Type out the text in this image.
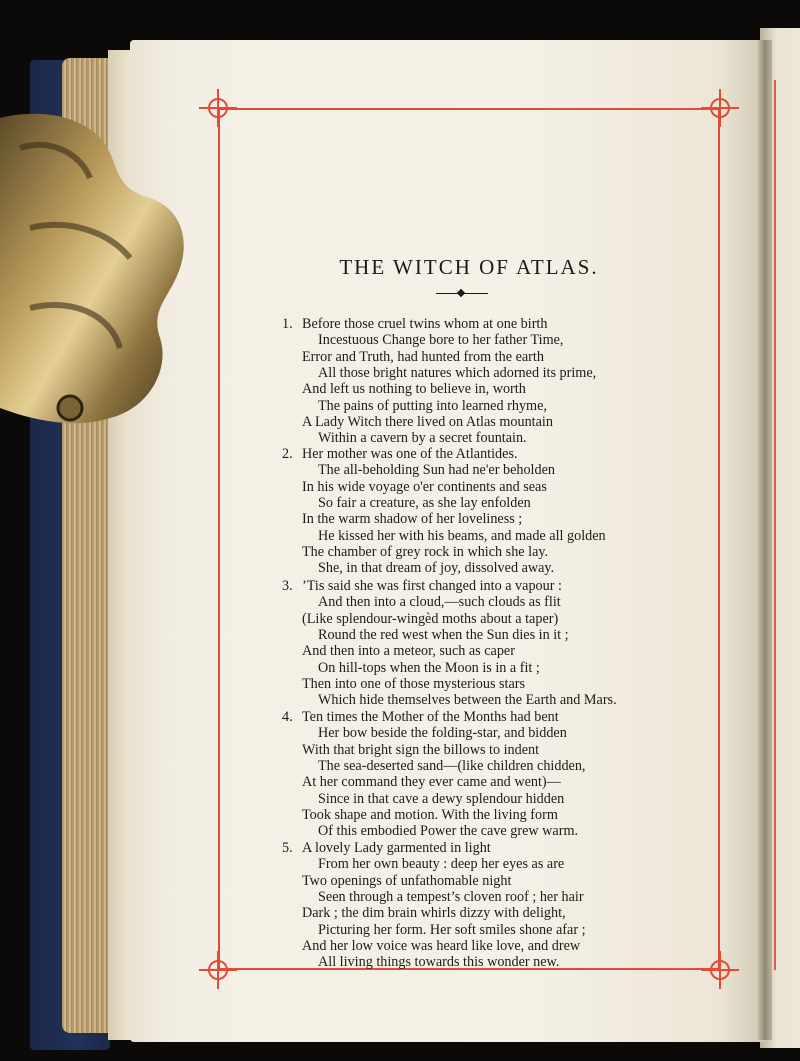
THE WITCH OF ATLAS.
1. Before those cruel twins whom at one birth
Incestuous Change bore to her father Time,
Error and Truth, had hunted from the earth
All those bright natures which adorned its prime,
And left us nothing to believe in, worth
The pains of putting into learned rhyme,
A Lady Witch there lived on Atlas mountain
Within a cavern by a secret fountain.
2. Her mother was one of the Atlantides.
The all-beholding Sun had ne'er beholden
In his wide voyage o'er continents and seas
So fair a creature, as she lay enfolden
In the warm shadow of her loveliness ;
He kissed her with his beams, and made all golden
The chamber of grey rock in which she lay.
She, in that dream of joy, dissolved away.
3. ’Tis said she was first changed into a vapour :
And then into a cloud,—such clouds as flit
(Like splendour-wingèd moths about a taper)
Round the red west when the Sun dies in it ;
And then into a meteor, such as caper
On hill-tops when the Moon is in a fit ;
Then into one of those mysterious stars
Which hide themselves between the Earth and Mars.
4. Ten times the Mother of the Months had bent
Her bow beside the folding-star, and bidden
With that bright sign the billows to indent
The sea-deserted sand—(like children chidden,
At her command they ever came and went)—
Since in that cave a dewy splendour hidden
Took shape and motion. With the living form
Of this embodied Power the cave grew warm.
5. A lovely Lady garmented in light
From her own beauty : deep her eyes as are
Two openings of unfathomable night
Seen through a tempest’s cloven roof ; her hair
Dark ; the dim brain whirls dizzy with delight,
Picturing her form. Her soft smiles shone afar ;
And her low voice was heard like love, and drew
All living things towards this wonder new.
